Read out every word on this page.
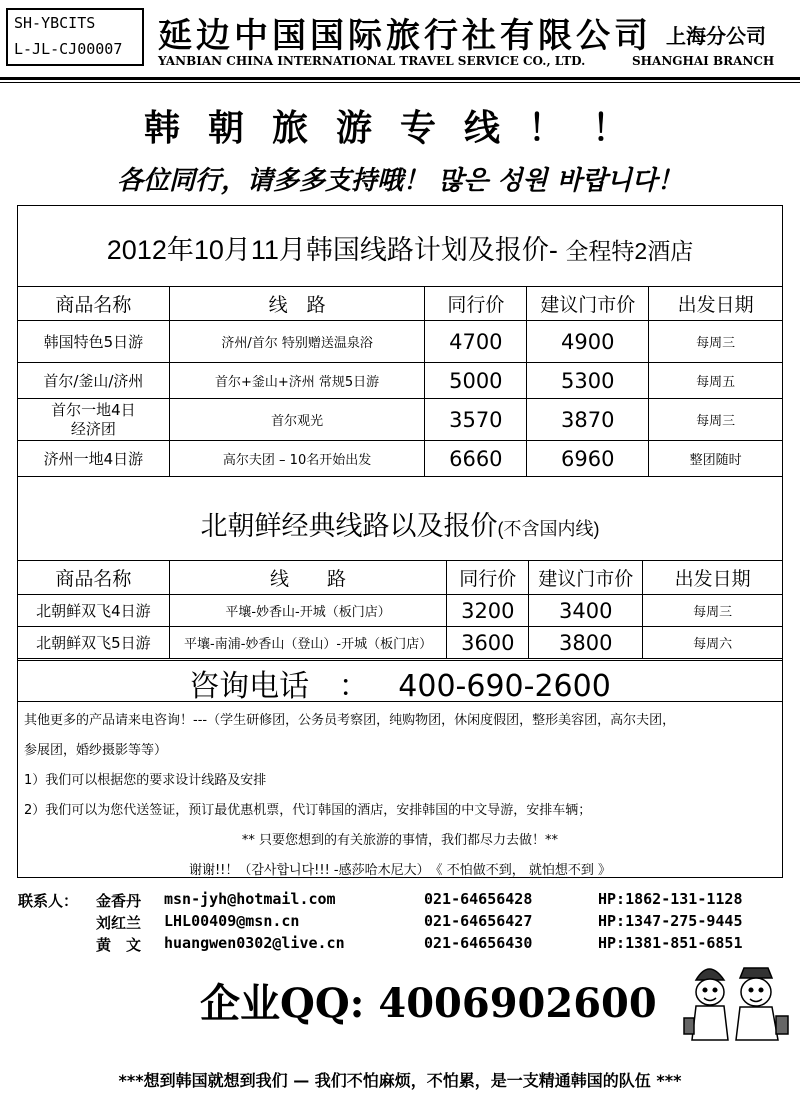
SH-YBCITS
L-JL-CJ00007	延边中国国际旅行社有限公司 上海分公司
YANBIAN CHINA INTERNATIONAL TRAVEL SERVICE CO., LTD.	SHANGHAI BRANCH
韩朝旅游专线！！
各位同行，请多多支持哦！ 많은 성원 바랍니다！
2012年10月11月韩国线路计划及报价- 全程特2酒店
商品名称	线　路	同行价	建议门市价	出发日期
韩国特色5日游	济州/首尔 特别赠送温泉浴	4700	4900	每周三
首尔/釜山/济州	首尔+釜山+济州 常规5日游	5000	5300	每周五
首尔一地4日
经济团	首尔观光	3570	3870	每周三
济州一地4日游	高尔夫团 – 10名开始出发	6660	6960	整团随时
北朝鲜经典线路以及报价(不含国内线)
商品名称	线　　路	同行价	建议门市价	出发日期
北朝鲜双飞4日游	平壤-妙香山-开城（板门店）	3200	3400	每周三
北朝鲜双飞5日游	平壤-南浦-妙香山（登山）-开城（板门店）	3600	3800	每周六
咨询电话 ： 400-690-2600
其他更多的产品请来电咨询！---（学生研修团，公务员考察团，纯购物团，休闲度假团，整形美容团，高尔夫团，
参展团，婚纱摄影等等）
1）我们可以根据您的要求设计线路及安排
2）我们可以为您代送签证，预订最优惠机票，代订韩国的酒店，安排韩国的中文导游，安排车辆；
** 只要您想到的有关旅游的事情，我们都尽力去做！**
谢谢!!！（감사합니다!!! -感莎哈木尼大）　《 不怕做不到， 就怕想不到 》
联系人： 金香丹 msn-jyh@hotmail.com	021-64656428	HP:1862-131-1128
刘红兰 LHL00409@msn.cn	021-64656427	HP:1347-275-9445
黄　文 huangwen0302@live.cn	021-64656430	HP:1381-851-6851
企业QQ: 4006902600
***想到韩国就想到我们 — 我们不怕麻烦，不怕累，是一支精通韩国的队伍 ***
